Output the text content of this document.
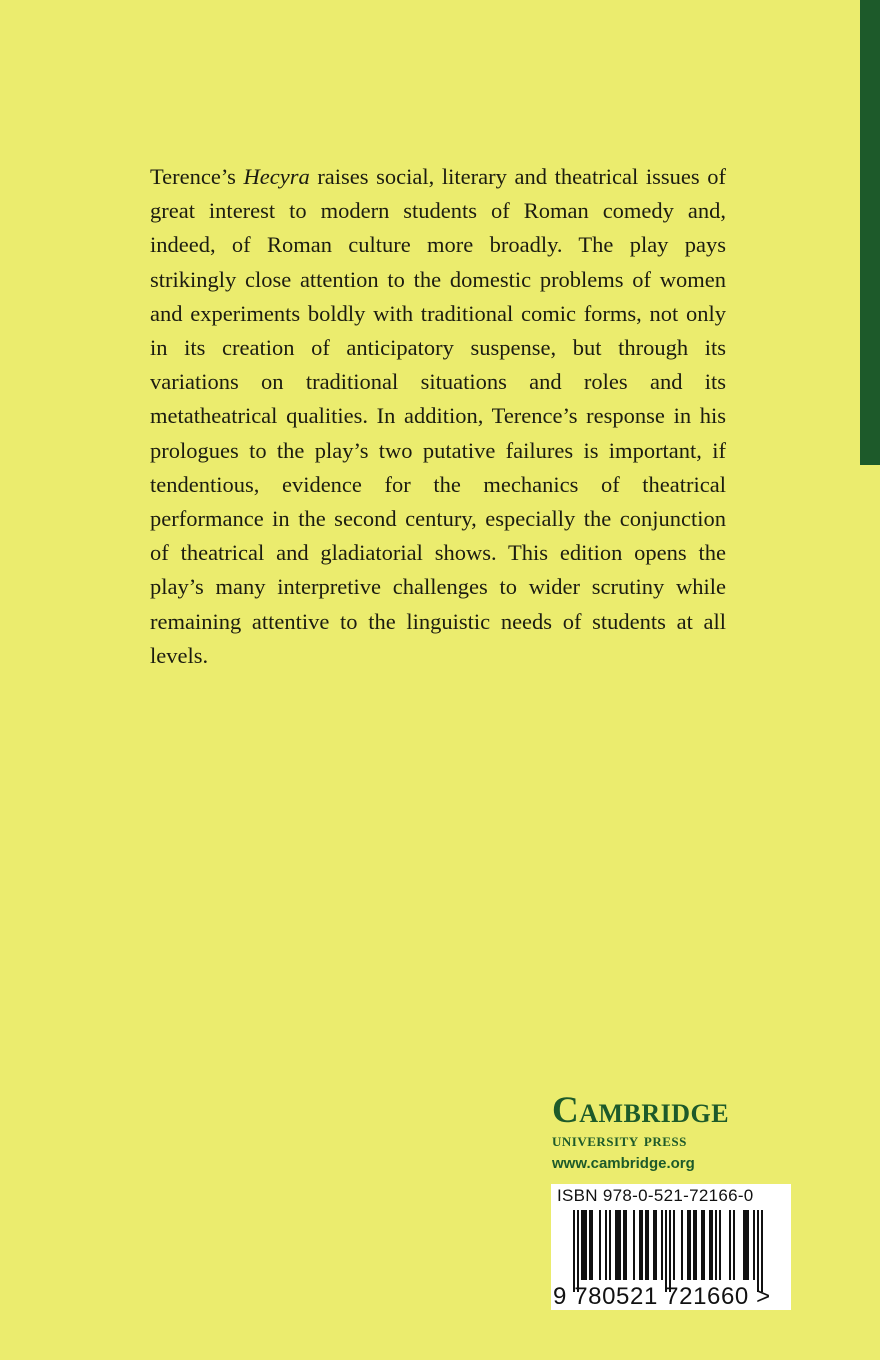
Terence’s Hecyra raises social, literary and theatrical issues of great interest to modern students of Roman comedy and, indeed, of Roman culture more broadly. The play pays strikingly close attention to the domestic problems of women and experiments boldly with traditional comic forms, not only in its creation of anticipatory suspense, but through its variations on traditional situations and roles and its metatheatrical qualities. In addition, Terence’s response in his prologues to the play’s two putative failures is important, if tendentious, evidence for the mechanics of theatrical performance in the second century, especially the conjunction of theatrical and gladiatorial shows. This edition opens the play’s many interpretive challenges to wider scrutiny while remaining attentive to the linguistic needs of students at all levels.

Cambridge
university press
www.cambridge.org
ISBN 978-0-521-72166-0
9 780521 721660 >
